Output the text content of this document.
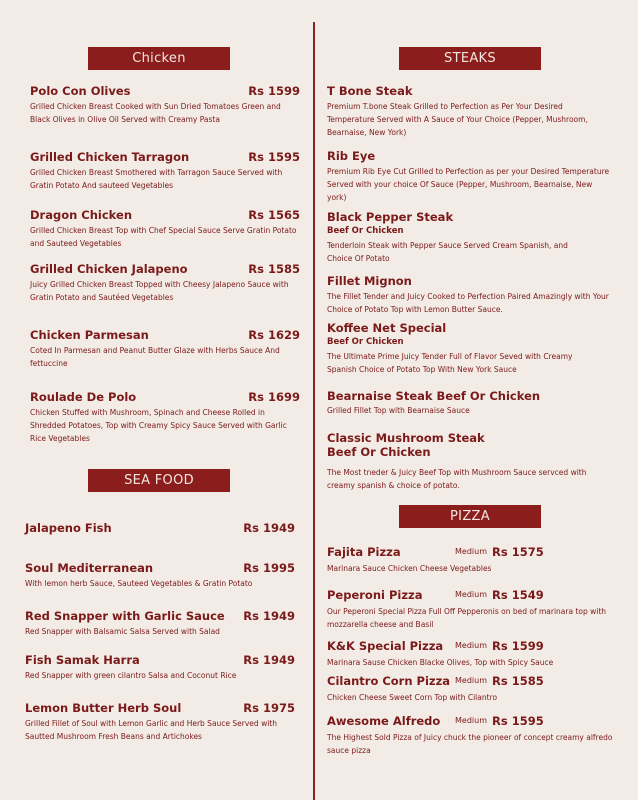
Chicken
SEA FOOD
STEAKS
PIZZA
Polo Con Olives	Rs 1599
Grilled Chicken Breast Cooked with Sun Dried Tomatoes Green and Black Olives in Olive Oil Served with Creamy Pasta
Grilled Chicken Tarragon	Rs 1595
Grilled Chicken Breast Smothered with Tarragon Sauce Served with Gratin Potato And sauteed Vegetables
Dragon Chicken	Rs 1565
Grilled Chicken Breast Top with Chef Special Sauce Serve Gratin Potato and Sauteed Vegetables
Grilled Chicken Jalapeno	Rs 1585
Juicy Grilled Chicken Breast Topped with Cheesy Jalapeno Sauce with Gratin Potato and Sautéed Vegetables
Chicken Parmesan	Rs 1629
Coted In Parmesan and Peanut Butter Glaze with Herbs Sauce And fettuccine
Roulade De Polo	Rs 1699
Chicken Stuffed with Mushroom, Spinach and Cheese Rolled in Shredded Potatoes, Top with Creamy Spicy Sauce Served with Garlic Rice Vegetables
Jalapeno Fish	Rs 1949
Soul Mediterranean	Rs 1995
With lemon herb Sauce, Sauteed Vegetables & Gratin Potato
Red Snapper with Garlic Sauce Rs 1949
Red Snapper with Balsamic Salsa Served with Salad
Fish Samak Harra	Rs 1949
Red Snapper with green cilantro Salsa and Coconut Rice
Lemon Butter Herb Soul	Rs 1975
Grilled Fillet of Soul with Lemon Garlic and Herb Sauce Served with Sautted Mushroom Fresh Beans and Artichokes
T Bone Steak
Premium T.bone Steak Grilled to Perfection as Per Your Desired Temperature Served with A Sauce of Your Choice (Pepper, Mushroom, Bearnaise, New York)
Rib Eye
Premium Rib Eye Cut Grilled to Perfection as per your Desired Temperature Served with your choice Of Sauce (Pepper, Mushroom, Bearnaise, New york)
Black Pepper Steak
Beef Or Chicken
Tenderloin Steak with Pepper Sauce Served Cream Spanish, and Choice Of Potato
Fillet Mignon
The Fillet Tender and Juicy Cooked to Perfection Paired Amazingly with Your Choice of Potato Top with Lemon Butter Sauce.
Koffee Net Special
Beef Or Chicken
The Ultimate Prime Juicy Tender Full of Flavor Seved with Creamy Spanish Choice of Potato Top With New York Sauce
Bearnaise Steak Beef Or Chicken
Grilled Fillet Top with Bearnaise Sauce
Classic Mushroom Steak
Beef Or Chicken
The Most tneder & Juicy Beef Top with Mushroom Sauce servced with creamy spanish & choice of potato.
Fajita Pizza	Medium Rs 1575
Marinara Sauce Chicken Cheese Vegetables
Peperoni Pizza	Medium Rs 1549
Our Peperoni Special Pizza Full Off Pepperonis on bed of marinara top with mozzarella cheese and Basil
K&K Special Pizza Medium Rs 1599
Marinara Sause Chicken Blacke Olives, Top with Spicy Sauce
Cilantro Corn Pizza Medium Rs 1585
Chicken Cheese Sweet Corn Top with Cilantro
Awesome Alfredo Medium Rs 1595
The Highest Sold Pizza of Juicy chuck the pioneer of concept creamy alfredo sauce pizza
